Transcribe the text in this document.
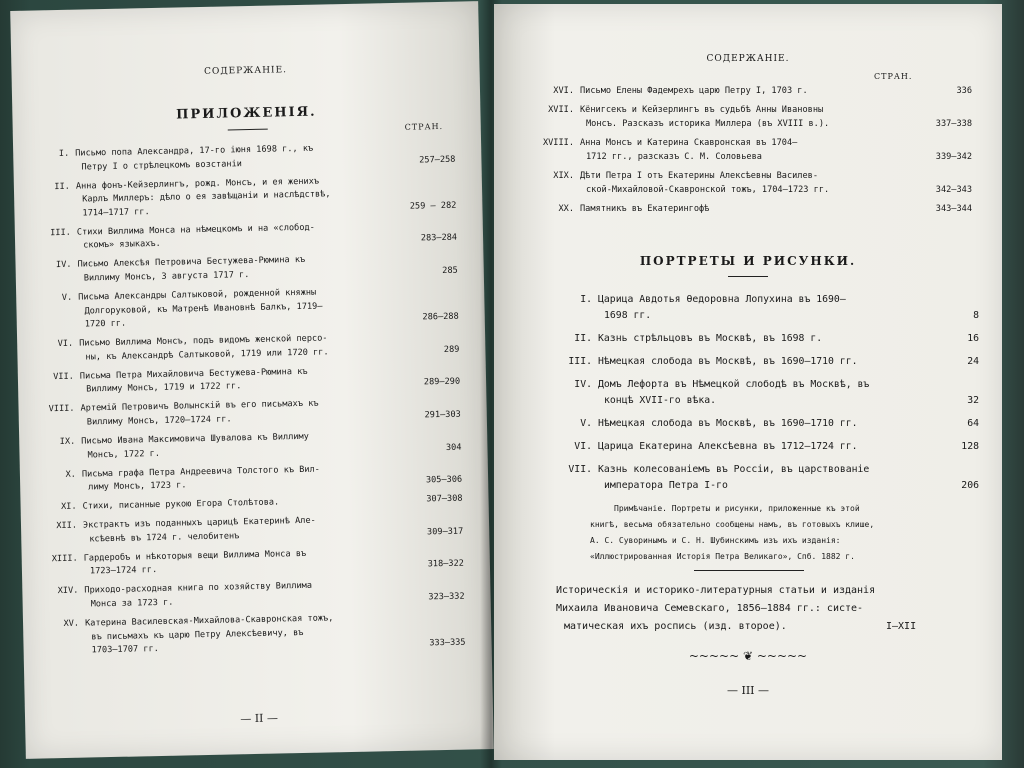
СОДЕРЖАНІЕ.
ПРИЛОЖЕНІЯ.
СТРАН.
I. Письмо попа Александра, 17-го іюня 1698 г., къ
Петру I о стрѣлецкомъ возстаніи	257—258
II. Анна фонъ-Кейзерлингъ, рожд. Монсъ, и ея женихъ
Карлъ Миллеръ: дѣло о ея завѣщаніи и наслѣдствѣ,
1714—1717 гг.
259 — 282
III. Стихи Виллима Монса на нѣмецкомъ и на «слобод-
скомъ» языкахъ.
283—284
IV. Письмо Алексѣя Петровича Бестужева-Рюмина къ
Виллиму Монсъ, 3 августа 1717 г.	285
V. Письма Александры Салтыковой, рожденной княжны
Долгоруковой, къ Матренѣ Ивановнѣ Балкъ, 1719—
1720 гг.
286—288
VI. Письмо Виллима Монсъ, подъ видомъ женской персо-
ны, къ Александрѣ Салтыковой, 1719 или 1720 гг.	289
VII. Письма Петра Михайловича Бестужева-Рюмина къ
Виллиму Монсъ, 1719 и 1722 гг.	289—290
VIII. Артемій Петровичъ Волынскій въ его письмахъ къ
Виллиму Монсъ, 1720—1724 гг.	291—303
IX. Письмо Ивана Максимовича Шувалова къ Виллиму
Монсъ, 1722 г.
304
X. Письма графа Петра Андреевича Толстого къ Вил-
лиму Монсъ, 1723 г.
305—306
XI. Стихи, писанные рукою Егора Столѣтова.	307—308
XII. Экстрактъ изъ поданныхъ царицѣ Екатеринѣ Але-
ксѣевнѣ въ 1724 г. челобитенъ	309—317
XIII. Гардеробъ и нѣкоторыя вещи Виллима Монса въ
1723—1724 гг.
318—322
XIV. Приходо-расходная книга по хозяйству Виллима
Монса за 1723 г.
323—332
XV. Катерина Василевская-Михайлова-Скавронская тожъ,
въ письмахъ къ царю Петру Алексѣевичу, въ
1703—1707 гг.
333—335
— II —
СОДЕРЖАНІЕ.
СТРАН.
XVI. Письмо Елены Фадемрехъ царю Петру I, 1703 г.	336
XVII. Кёнигсекъ и Кейзерлингъ въ судьбѣ Анны Ивановны
Монсъ. Разсказъ историка Миллера (въ XVIII в.).	337—338
XVIII. Анна Монсъ и Катерина Скавронская въ 1704—
1712 гг., разсказъ С. М. Соловьева	339—342
XIX. Дѣти Петра I отъ Екатерины Алексѣевны Василев-
ской-Михайловой-Скавронской тожъ, 1704—1723 гг.	342—343
XX. Памятникъ въ Екатерингофѣ	343—344
ПОРТРЕТЫ И РИСУНКИ.
I. Царица Авдотья Ѳедоровна Лопухина въ 1690—
1698 гг.	8
II. Казнь стрѣльцовъ въ Москвѣ, въ 1698 г.	16
III. Нѣмецкая слобода въ Москвѣ, въ 1690—1710 гг.	24
IV. Домъ Лефорта въ Нѣмецкой слободѣ въ Москвѣ, въ
концѣ XVII-го вѣка.	32
V. Нѣмецкая слобода въ Москвѣ, въ 1690—1710 гг.	64
VI. Царица Екатерина Алексѣевна въ 1712—1724 гг.	128
VII. Казнь колесованіемъ въ Россіи, въ царствованіе
императора Петра I-го	206
Примѣчаніе. Портреты и рисунки, приложенные къ этой
книгѣ, весьма обязательно сообщены намъ, въ готовыхъ клише,
А. С. Суворинымъ и С. Н. Шубинскимъ изъ ихъ изданія:
«Иллюстрированная Исторія Петра Великаго», Спб. 1882 г.
Историческія и историко-литературныя статьи и изданія
Михаила Ивановича Семевскаго, 1856—1884 гг.: систе-
матическая ихъ роспись (изд. второе).	I—XII
~~~~~ ❦ ~~~~~
— III —
